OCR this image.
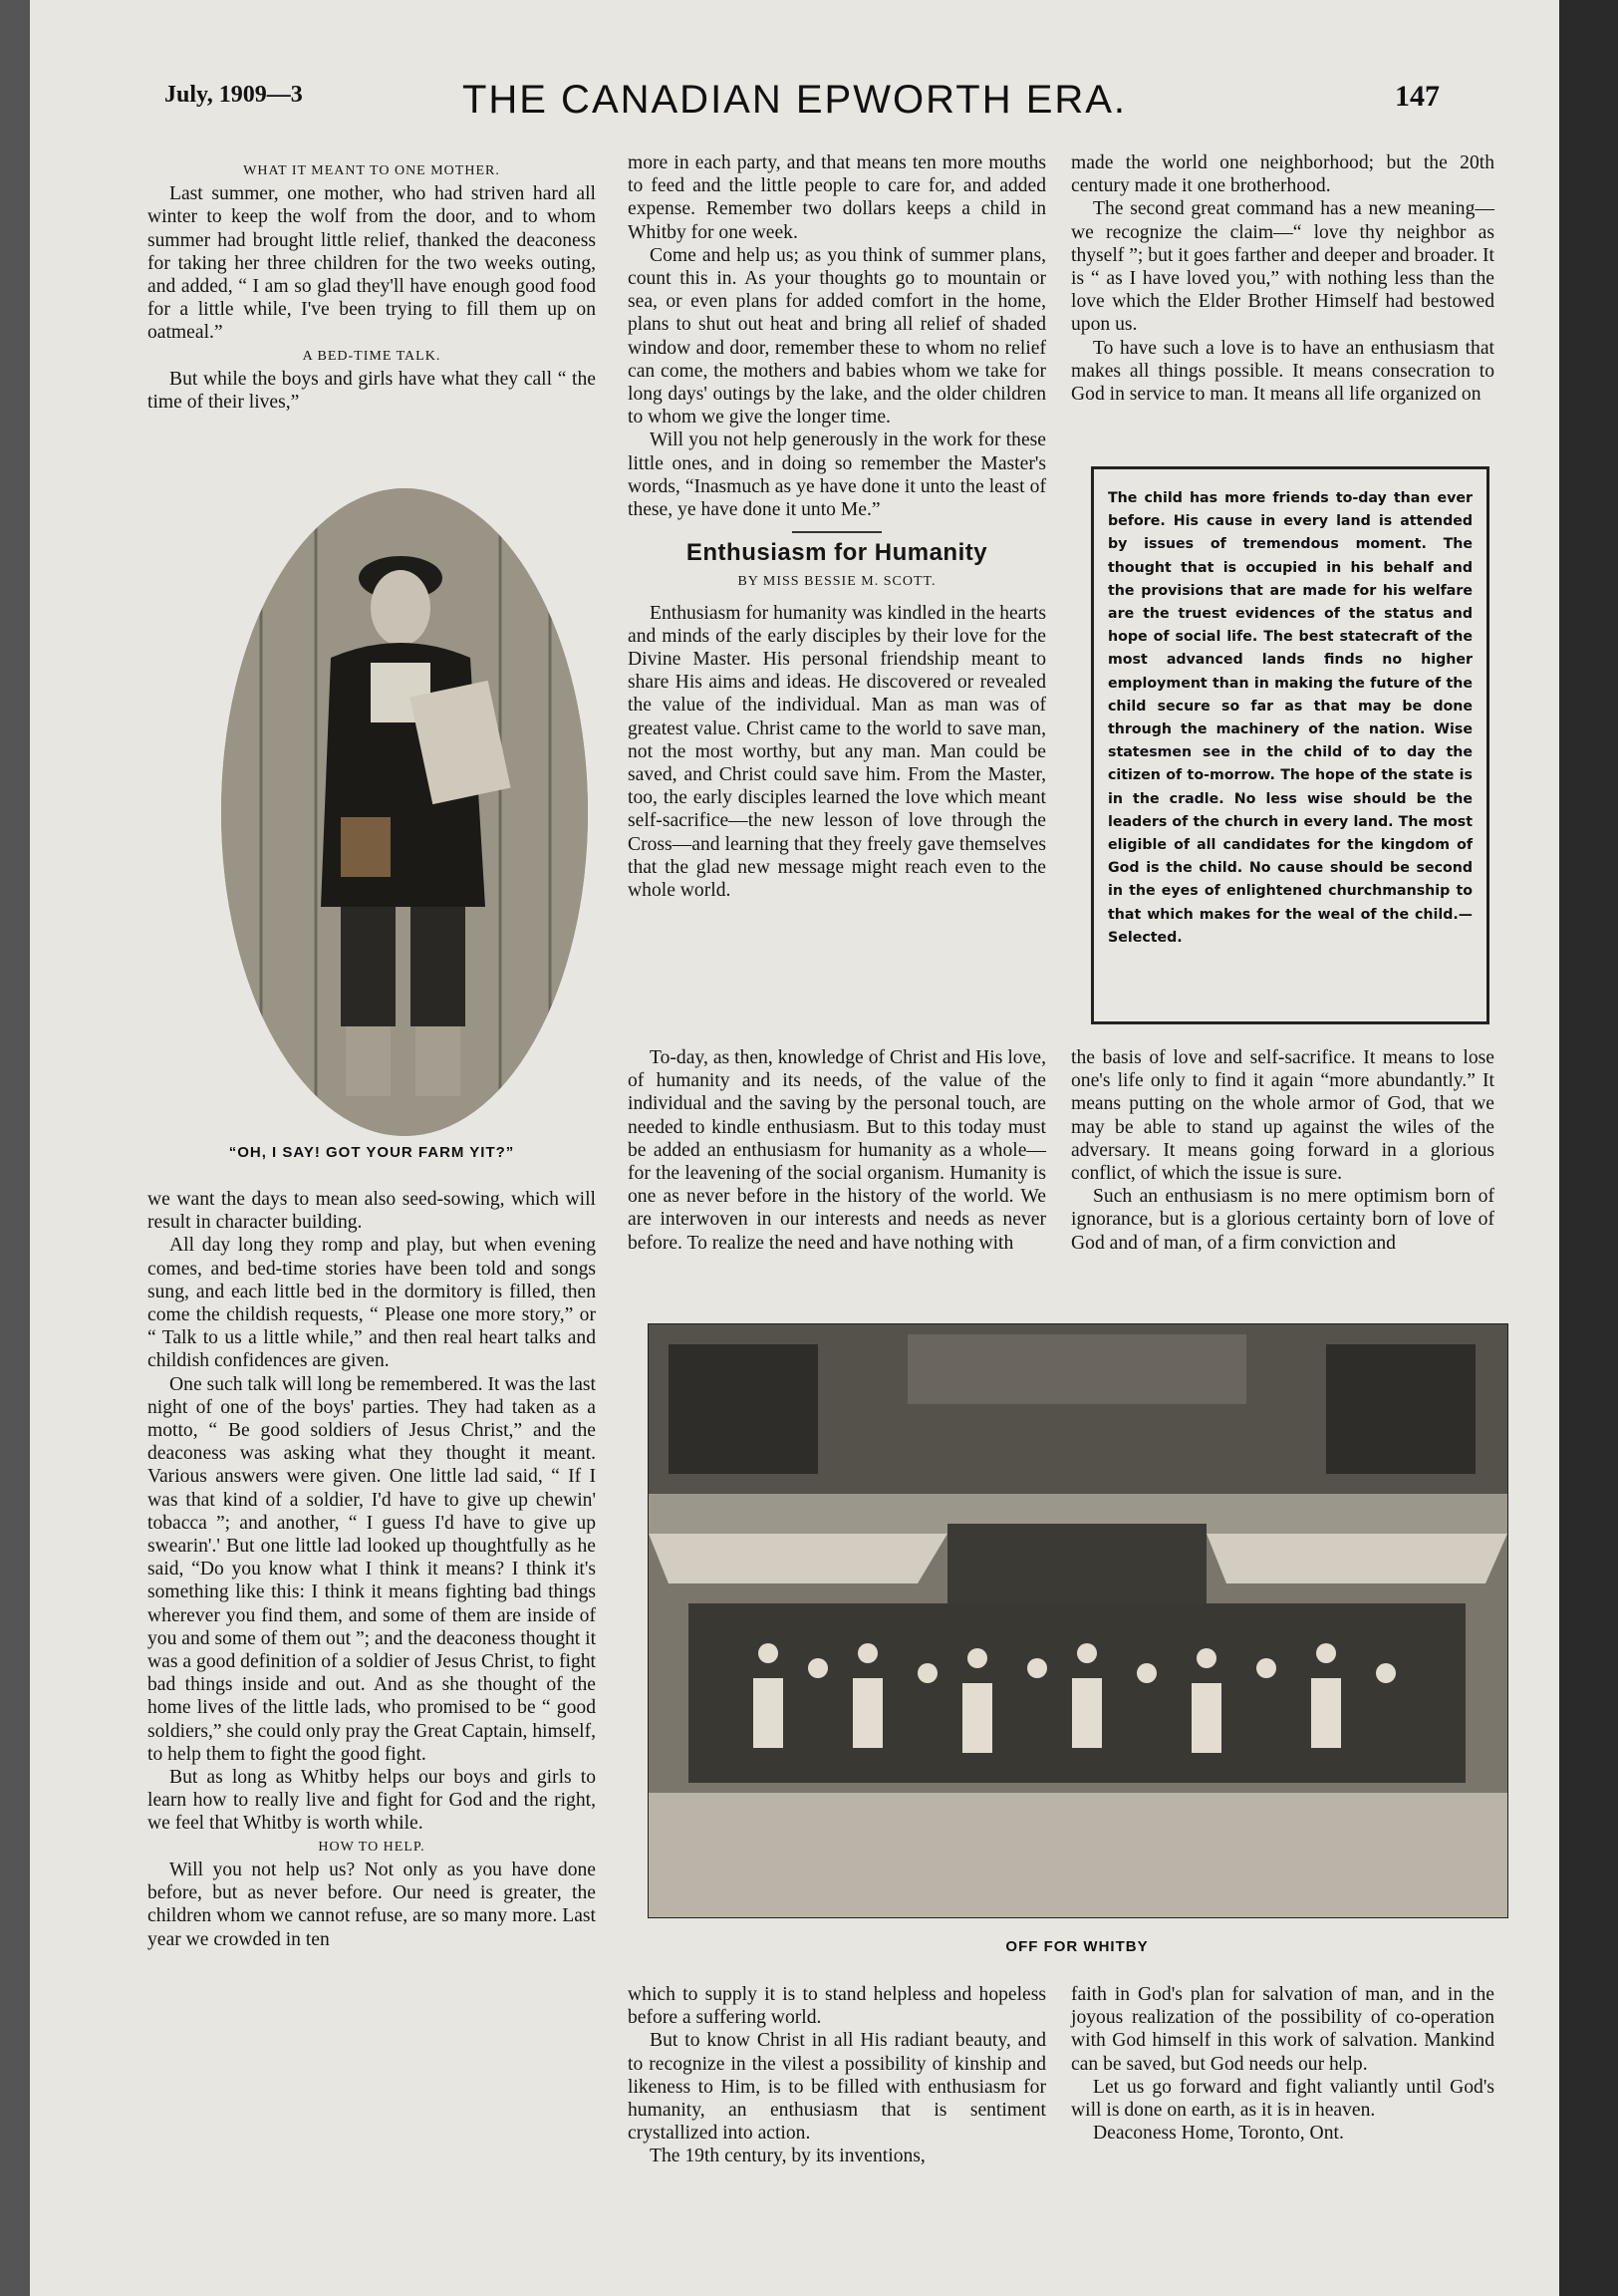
July, 1909—3	THE CANADIAN EPWORTH ERA.	147

WHAT IT MEANT TO ONE MOTHER.

Last summer, one mother, who had striven hard all winter to keep the wolf from the door, and to whom summer had brought little relief, thanked the deaconess for taking her three children for the two weeks outing, and added, “ I am so glad they'll have enough good food for a little while, I've been trying to fill them up on oatmeal.”

A BED-TIME TALK.

But while the boys and girls have what they call “ the time of their lives,”

“OH, I SAY! GOT YOUR FARM YIT?”

we want the days to mean also seed-sowing, which will result in character building.

All day long they romp and play, but when evening comes, and bed-time stories have been told and songs sung, and each little bed in the dormitory is filled, then come the childish requests, “ Please one more story,” or “ Talk to us a little while,” and then real heart talks and childish confidences are given.

One such talk will long be remembered. It was the last night of one of the boys' parties. They had taken as a motto, “ Be good soldiers of Jesus Christ,” and the deaconess was asking what they thought it meant. Various answers were given. One little lad said, “ If I was that kind of a soldier, I'd have to give up chewin' tobacca ”; and another, “ I guess I'd have to give up swearin'.' But one little lad looked up thoughtfully as he said, “Do you know what I think it means? I think it's something like this: I think it means fighting bad things wherever you find them, and some of them are inside of you and some of them out ”; and the deaconess thought it was a good definition of a soldier of Jesus Christ, to fight bad things inside and out. And as she thought of the home lives of the little lads, who promised to be “ good soldiers,” she could only pray the Great Captain, himself, to help them to fight the good fight.

But as long as Whitby helps our boys and girls to learn how to really live and fight for God and the right, we feel that Whitby is worth while.

HOW TO HELP.

Will you not help us? Not only as you have done before, but as never before. Our need is greater, the children whom we cannot refuse, are so many more. Last year we crowded in ten

more in each party, and that means ten more mouths to feed and the little people to care for, and added expense. Remember two dollars keeps a child in Whitby for one week.

Come and help us; as you think of summer plans, count this in. As your thoughts go to mountain or sea, or even plans for added comfort in the home, plans to shut out heat and bring all relief of shaded window and door, remember these to whom no relief can come, the mothers and babies whom we take for long days' outings by the lake, and the older children to whom we give the longer time.

Will you not help generously in the work for these little ones, and in doing so remember the Master's words, “Inasmuch as ye have done it unto the least of these, ye have done it unto Me.”

Enthusiasm for Humanity
BY MISS BESSIE M. SCOTT.

Enthusiasm for humanity was kindled in the hearts and minds of the early disciples by their love for the Divine Master. His personal friendship meant to share His aims and ideas. He discovered or revealed the value of the individual. Man as man was of greatest value. Christ came to the world to save man, not the most worthy, but any man. Man could be saved, and Christ could save him. From the Master, too, the early disciples learned the love which meant self-sacrifice—the new lesson of love through the Cross—and learning that they freely gave themselves that the glad new message might reach even to the whole world.

To-day, as then, knowledge of Christ and His love, of humanity and its needs, of the value of the individual and the saving by the personal touch, are needed to kindle enthusiasm. But to this today must be added an enthusiasm for humanity as a whole—for the leavening of the social organism. Humanity is one as never before in the history of the world. We are interwoven in our interests and needs as never before. To realize the need and have nothing with

which to supply it is to stand helpless and hopeless before a suffering world.

But to know Christ in all His radiant beauty, and to recognize in the vilest a possibility of kinship and likeness to Him, is to be filled with enthusiasm for humanity, an enthusiasm that is sentiment crystallized into action.

The 19th century, by its inventions,

made the world one neighborhood; but the 20th century made it one brotherhood.

The second great command has a new meaning—we recognize the claim—“ love thy neighbor as thyself ”; but it goes farther and deeper and broader. It is “ as I have loved you,” with nothing less than the love which the Elder Brother Himself had bestowed upon us.

To have such a love is to have an enthusiasm that makes all things possible. It means consecration to God in service to man. It means all life organized on

The child has more friends to-day than ever before. His cause in every land is attended by issues of tremendous moment. The thought that is occupied in his behalf and the provisions that are made for his welfare are the truest evidences of the status and hope of social life. The best statecraft of the most advanced lands finds no higher employment than in making the future of the child secure so far as that may be done through the machinery of the nation. Wise statesmen see in the child of to day the citizen of to-morrow. The hope of the state is in the cradle. No less wise should be the leaders of the church in every land. The most eligible of all candidates for the kingdom of God is the child. No cause should be second in the eyes of enlightened churchmanship to that which makes for the weal of the child.—Selected.

the basis of love and self-sacrifice. It means to lose one's life only to find it again “more abundantly.” It means putting on the whole armor of God, that we may be able to stand up against the wiles of the adversary. It means going forward in a glorious conflict, of which the issue is sure.

Such an enthusiasm is no mere optimism born of ignorance, but is a glorious certainty born of love of God and of man, of a firm conviction and

faith in God's plan for salvation of man, and in the joyous realization of the possibility of co-operation with God himself in this work of salvation. Mankind can be saved, but God needs our help.

Let us go forward and fight valiantly until God's will is done on earth, as it is in heaven.

Deaconess Home, Toronto, Ont.

OFF FOR WHITBY
